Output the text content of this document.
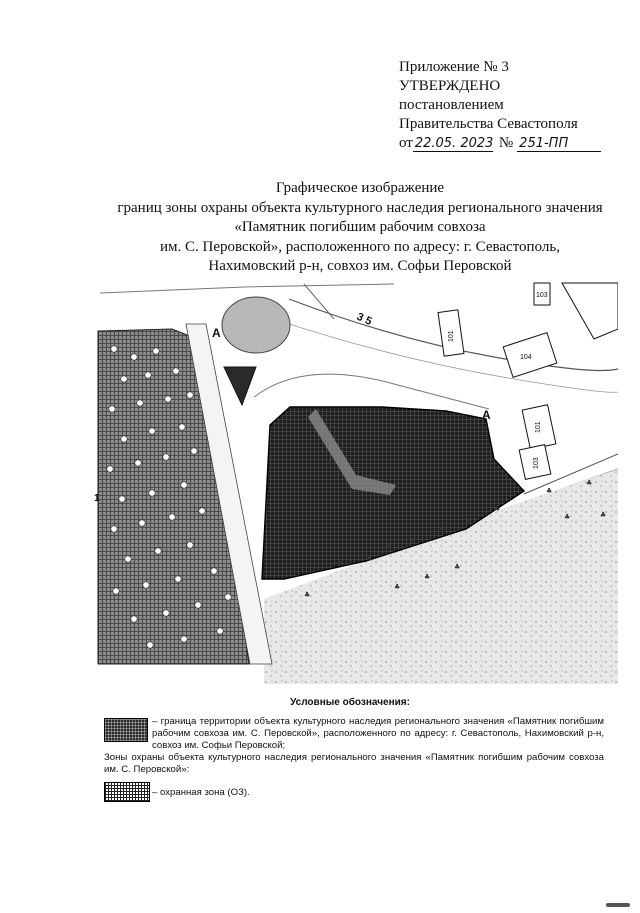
Приложение № 3
УТВЕРЖДЕНО
постановлением
Правительства Севастополя
от 22.05. 2023 № 251-ПП
Графическое изображение
границ зоны охраны объекта культурного наследия регионального значения
«Памятник погибшим рабочим совхоза
им. С. Перовской», расположенного по адресу: г. Севастополь,
Нахимовский р-н, совхоз им. Софьи Перовской
А
А
3 5
101
104
101
103
103
1
♣	♣
♣
♣
♣
♣
♣
♣
♣
♣	♣
♣
♣
♣
♣
Условные обозначения:
– граница территории объекта культурного наследия регионального значения «Памятник погибшим рабочим совхоза им. С. Перовской», расположенного по адресу: г. Севастополь, Нахимовский р-н, совхоз им. Софьи Перовской;
Зоны охраны объекта культурного наследия регионального значения «Памятник погибшим рабочим совхоза им. С. Перовской»:
– охранная зона (ОЗ).
